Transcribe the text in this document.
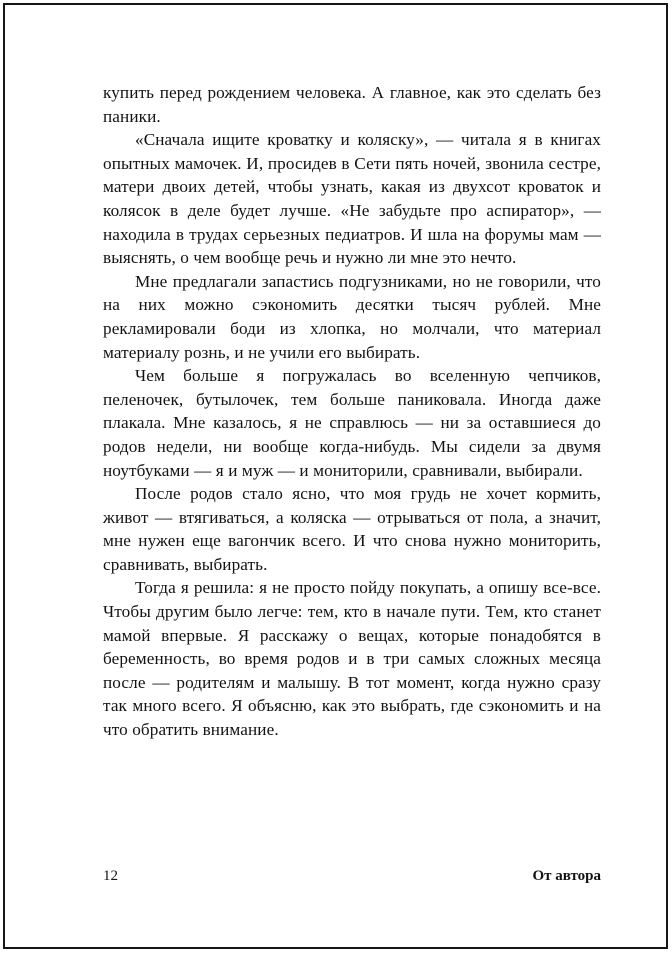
купить перед рождением человека. А главное, как это сделать без паники.

«Сначала ищите кроватку и коляску», — читала я в книгах опытных мамочек. И, просидев в Сети пять ночей, звонила сестре, матери двоих детей, чтобы узнать, какая из двухсот кроваток и колясок в деле будет лучше. «Не забудьте про аспиратор», — находила в трудах серьезных педиатров. И шла на форумы мам — выяснять, о чем вообще речь и нужно ли мне это нечто.

Мне предлагали запастись подгузниками, но не говорили, что на них можно сэкономить десятки тысяч рублей. Мне рекламировали боди из хлопка, но молчали, что материал материалу рознь, и не учили его выбирать.

Чем больше я погружалась во вселенную чепчиков, пеленочек, бутылочек, тем больше паниковала. Иногда даже плакала. Мне казалось, я не справлюсь — ни за оставшиеся до родов недели, ни вообще когда-нибудь. Мы сидели за двумя ноутбуками — я и муж — и мониторили, сравнивали, выбирали.

После родов стало ясно, что моя грудь не хочет кормить, живот — втягиваться, а коляска — отрываться от пола, а значит, мне нужен еще вагончик всего. И что снова нужно мониторить, сравнивать, выбирать.

Тогда я решила: я не просто пойду покупать, а опишу все-все. Чтобы другим было легче: тем, кто в начале пути. Тем, кто станет мамой впервые. Я расскажу о вещах, которые понадобятся в беременность, во время родов и в три самых сложных месяца после — родителям и малышу. В тот момент, когда нужно сразу так много всего. Я объясню, как это выбрать, где сэкономить и на что обратить внимание.

12	От автора
